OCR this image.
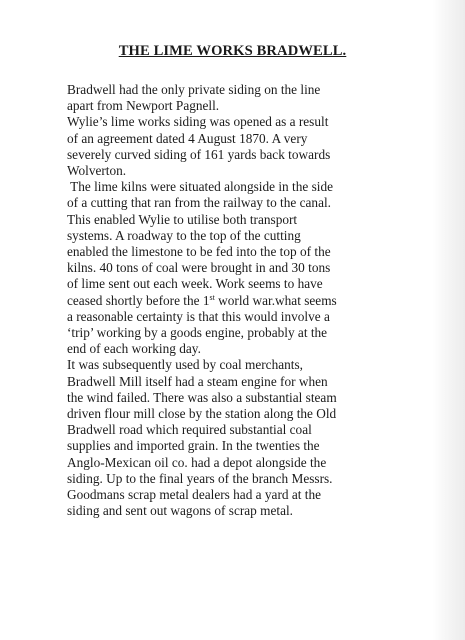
THE LIME WORKS BRADWELL.
Bradwell had the only private siding on the line
apart from Newport Pagnell.
Wylie’s lime works siding was opened as a result
of an agreement dated 4 August 1870. A very
severely curved siding of 161 yards back towards
Wolverton.
The lime kilns were situated alongside in the side
of a cutting that ran from the railway to the canal.
This enabled Wylie to utilise both transport
systems. A roadway to the top of the cutting
enabled the limestone to be fed into the top of the
kilns. 40 tons of coal were brought in and 30 tons
of lime sent out each week. Work seems to have
ceased shortly before the 1st world war.what seems
a reasonable certainty is that this would involve a
‘trip’ working by a goods engine, probably at the
end of each working day.
It was subsequently used by coal merchants,
Bradwell Mill itself had a steam engine for when
the wind failed. There was also a substantial steam
driven flour mill close by the station along the Old
Bradwell road which required substantial coal
supplies and imported grain. In the twenties the
Anglo-Mexican oil co. had a depot alongside the
siding. Up to the final years of the branch Messrs.
Goodmans scrap metal dealers had a yard at the
siding and sent out wagons of scrap metal.
